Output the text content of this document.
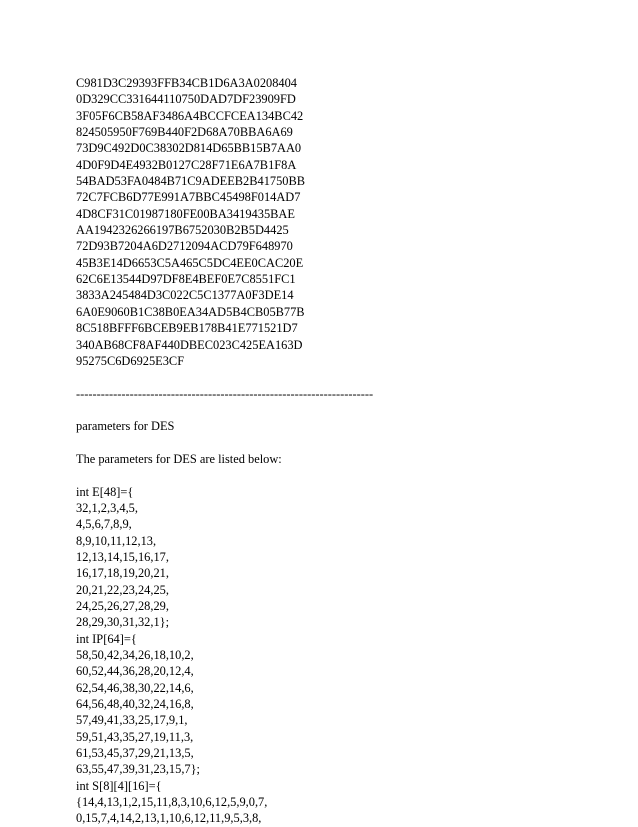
C981D3C29393FFB34CB1D6A3A0208404
0D329CC331644110750DAD7DF23909FD
3F05F6CB58AF3486A4BCCFCEA134BC42
824505950F769B440F2D68A70BBA6A69
73D9C492D0C38302D814D65BB15B7AA0
4D0F9D4E4932B0127C28F71E6A7B1F8A
54BAD53FA0484B71C9ADEEB2B41750BB
72C7FCB6D77E991A7BBC45498F014AD7
4D8CF31C01987180FE00BA3419435BAE
AA1942326266197B6752030B2B5D4425
72D93B7204A6D2712094ACD79F648970
45B3E14D6653C5A465C5DC4EE0CAC20E
62C6E13544D97DF8E4BEF0E7C8551FC1
3833A245484D3C022C5C1377A0F3DE14
6A0E9060B1C38B0EA34AD5B4CB05B77B
8C518BFFF6BCEB9EB178B41E771521D7
340AB68CF8AF440DBEC023C425EA163D
95275C6D6925E3CF
------------------------------------------------------------------------
parameters for DES
The parameters for DES are listed below:
int E[48]={
32,1,2,3,4,5,
4,5,6,7,8,9,
8,9,10,11,12,13,
12,13,14,15,16,17,
16,17,18,19,20,21,
20,21,22,23,24,25,
24,25,26,27,28,29,
28,29,30,31,32,1};
int IP[64]={
58,50,42,34,26,18,10,2,
60,52,44,36,28,20,12,4,
62,54,46,38,30,22,14,6,
64,56,48,40,32,24,16,8,
57,49,41,33,25,17,9,1,
59,51,43,35,27,19,11,3,
61,53,45,37,29,21,13,5,
63,55,47,39,31,23,15,7};
int S[8][4][16]={
{14,4,13,1,2,15,11,8,3,10,6,12,5,9,0,7,
0,15,7,4,14,2,13,1,10,6,12,11,9,5,3,8,
